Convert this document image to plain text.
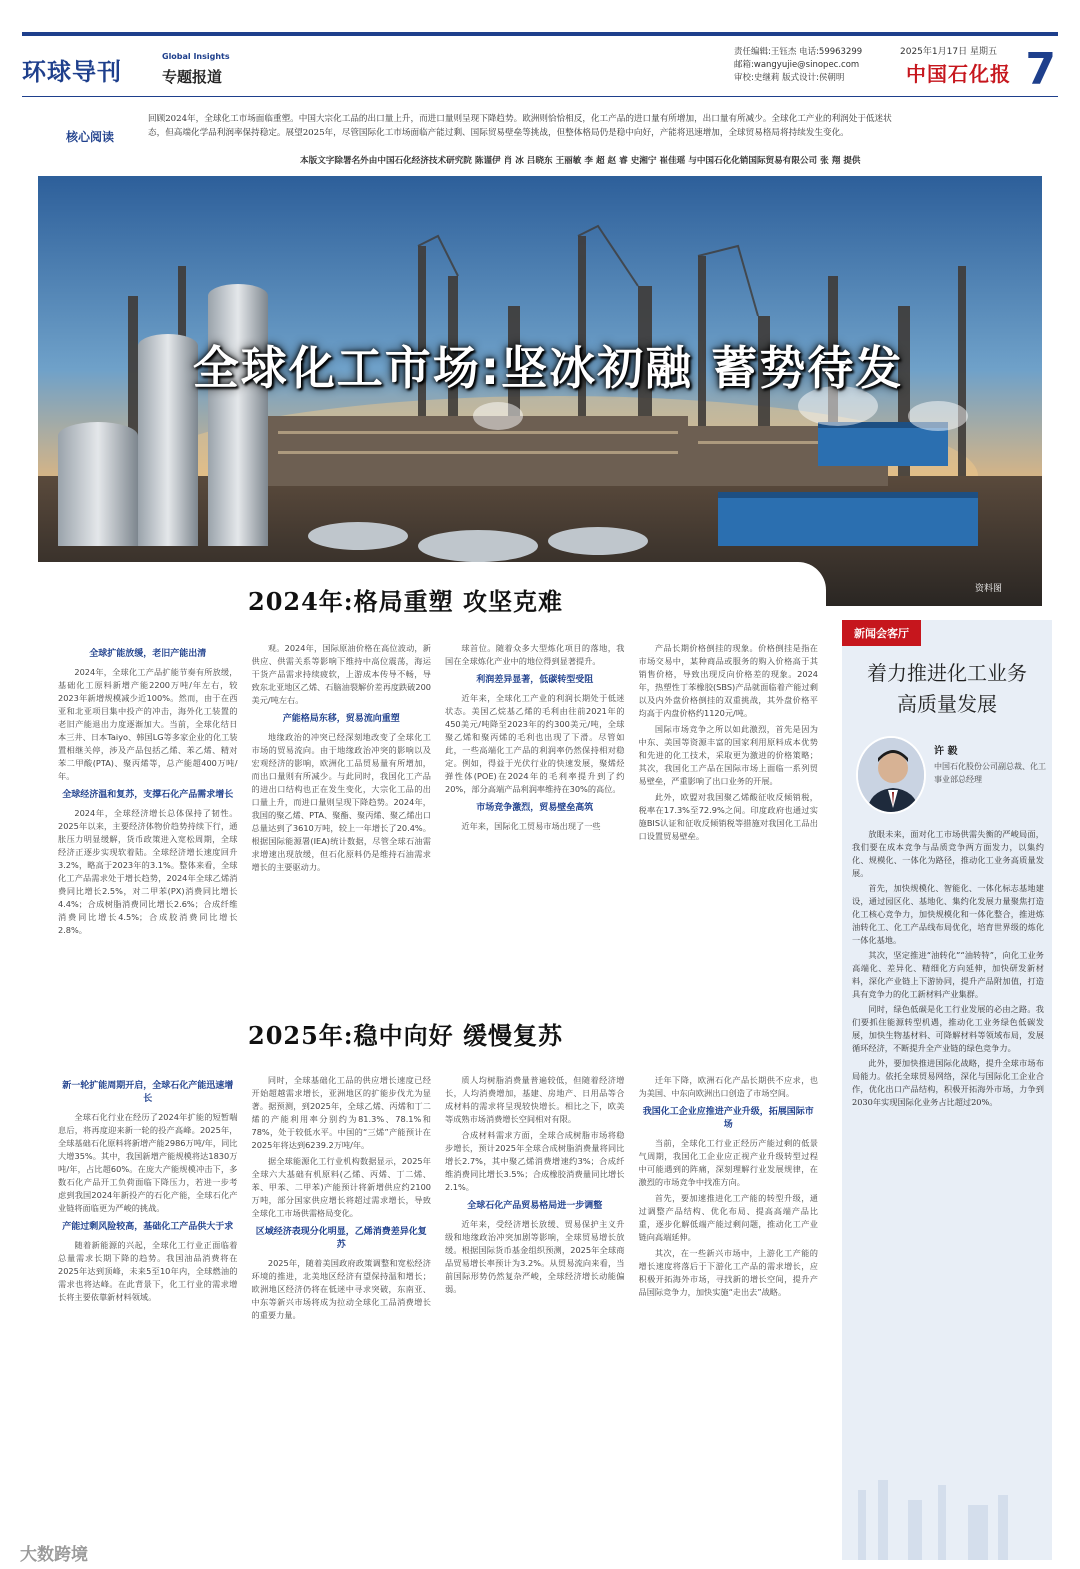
环球导刊
Global Insights
专题报道
责任编辑:王钰杰 电话:59963299
邮箱:wangyujie@sinopec.com
审校:史继莉 版式设计:侯朝明
2025年1月17日 星期五
中国石化报 7
核心阅读
回顾2024年，全球化工市场面临重塑。中国大宗化工品的出口量上升，而进口量则呈现下降趋势。欧洲则恰恰相反，化工产品的进口量有所增加，出口量有所减少。全球化工产业的利润处于低迷状态，但高端化学品利润率保持稳定。展望2025年，尽管国际化工市场面临产能过剩、国际贸易壁垒等挑战，但整体格局仍是稳中向好，产能将迅速增加，全球贸易格局将持续发生变化。
本版文字除署名外由中国石化经济技术研究院 陈谨伊 肖 冰 吕晓东 王丽敏 李 超 赵 睿 史湘宁 崔佳瑶 与中国石化化销国际贸易有限公司 张 翔 提供
全球化工市场:坚冰初融 蓄势待发
资料图
2024年:格局重塑 攻坚克难
全球扩能放缓，老旧产能出清

2024年，全球化工产品扩能节奏有所放缓，基础化工原料新增产能2200万吨/年左右，较2023年新增规模减少近100%。然而，由于在西亚和北亚项目集中投产的冲击，海外化工装置的老旧产能退出力度逐渐加大。当前，全球化结日本三井、日本Taiyo、韩国LG等多家企业的化工装置相继关停，涉及产品包括乙烯、苯乙烯、精对苯二甲酸(PTA)、聚丙烯等，总产能超400万吨/年。

全球经济温和复苏，支撑石化产品需求增长

2024年，全球经济增长总体保持了韧性。2025年以来，主要经济体物价趋势持续下行，通胀压力明显缓解，货币政策进入宽松周期，全球经济正逐步实现软着陆。全球经济增长速度回升3.2%，略高于2023年的3.1%。整体来看，全球化工产品需求处于增长趋势，2024年全球乙烯消费同比增长2.5%，对二甲苯(PX)消费同比增长4.4%；合成树脂消费同比增长2.6%；合成纤维消费同比增长4.5%；合成胶消费同比增长2.8%。

观。2024年，国际原油价格在高位波动，新供应、供需关系等影响下维持中高位震荡，海运干货产品需求持续疲软，上游成本传导不畅，导致东北亚地区乙烯、石脑油裂解价差再度跌破200美元/吨左右。

产能格局东移，贸易流向重塑

地缘政治的冲突已经深刻地改变了全球化工市场的贸易流向。由于地缘政治冲突的影响以及宏观经济的影响，欧洲化工品贸易量有所增加，而出口量则有所减少。与此同时，我国化工产品的进出口结构也正在发生变化，大宗化工品的出口量上升，而进口量则呈现下降趋势。2024年，我国的聚乙烯、PTA、聚酯、聚丙烯、聚乙烯出口总量达到了3610万吨，较上一年增长了20.4%。根据国际能源署(IEA)统计数据，尽管全球石油需求增速出现放缓，但石化原料仍是维持石油需求增长的主要驱动力。

球首位。随着众多大型炼化项目的落地，我国在全球炼化产业中的地位得到显著提升。

利润差异显著，低碳转型受阻

近年来，全球化工产业的利润长期处于低迷状态。美国乙烷基乙烯的毛利由往前2021年的450美元/吨降至2023年的约300美元/吨，全球聚乙烯和聚丙烯的毛利也出现了下滑。尽管如此，一些高端化工产品的利润率仍然保持相对稳定。例如，得益于光伏行业的快速发展，聚烯烃弹性体(POE)在2024年的毛利率提升到了约20%，部分高端产品利润率维持在30%的高位。

市场竞争激烈，贸易壁垒高筑

近年来，国际化工贸易市场出现了一些

产品长期价格倒挂的现象。价格倒挂是指在市场交易中，某种商品或服务的购入价格高于其销售价格，导致出现反向价格差的现象。2024年，热塑性丁苯橡胶(SBS)产品就面临着产能过剩以及内外盘价格倒挂的双重挑战，其外盘价格平均高于内盘价格约1120元/吨。

国际市场竞争之所以如此激烈，首先是因为中东、美国等资源丰富的国家利用原料成本优势和先进的化工技术，采取更为激进的价格策略；其次，我国化工产品在国际市场上面临一系列贸易壁垒，严重影响了出口业务的开展。

此外，欧盟对我国聚乙烯酸征收反倾销税，税率在17.3%至72.9%之间。印度政府也通过实施BIS认证和征收反倾销税等措施对我国化工品出口设置贸易壁垒。

新闻会客厅
着力推进化工业务
高质量发展
许 毅
中国石化股份公司副总裁、化工事业部总经理

放眼未来，面对化工市场供需失衡的严峻局面，我们要在成本竞争与品质竞争两方面发力，以集约化、规模化、一体化为路径，推动化工业务高质量发展。

首先，加快规模化、智能化、一体化标志基地建设，通过园区化、基地化、集约化发展力量聚焦打造化工核心竞争力，加快规模化和一体化整合，推进炼油转化工、化工产品线布局优化，培育世界级的炼化一体化基地。

其次，坚定推进“油转化”“油转特”，向化工业务高端化、差异化、精细化方向延伸，加快研发新材料，深化产业链上下游协同，提升产品附加值，打造具有竞争力的化工新材料产业集群。

同时，绿色低碳是化工行业发展的必由之路。我们要抓住能源转型机遇，推动化工业务绿色低碳发展，加快生物基材料、可降解材料等领域布局，发展循环经济，不断提升全产业链的绿色竞争力。

此外，要加快推进国际化战略，提升全球市场布局能力。依托全球贸易网络，深化与国际化工企业合作，优化出口产品结构，积极开拓海外市场，力争到2030年实现国际化业务占比超过20%。

2025年:稳中向好 缓慢复苏
新一轮扩能周期开启，全球石化产能迅速增长

全球石化行业在经历了2024年扩能的短暂喘息后，将再度迎来新一轮的投产高峰。2025年，全球基础石化原料将新增产能2986万吨/年，同比大增35%。其中，我国新增产能规模将达1830万吨/年，占比超60%。在庞大产能规模冲击下，多数石化产品开工负荷面临下降压力，若进一步考虑到我国2024年新投产的石化产能，全球石化产业链将面临更为严峻的挑战。

产能过剩风险较高，基础化工产品供大于求

随着新能源的兴起，全球化工行业正面临着总量需求长期下降的趋势。我国油品消费将在2025年达到顶峰，未来5至10年内，全球燃油的需求也将达峰。在此背景下，化工行业的需求增长将主要依靠新材料领域。

同时，全球基础化工品的供应增长速度已经开始超越需求增长，亚洲地区的扩能步伐尤为显著。据预测，到2025年，全球乙烯、丙烯和丁二烯的产能利用率分别约为81.3%、78.1%和78%，处于较低水平。中国的“三烯”产能预计在2025年将达到6239.2万吨/年。

据全球能源化工行业机构数据显示，2025年全球六大基础有机原料(乙烯、丙烯、丁二烯、苯、甲苯、二甲苯)产能预计将新增供应约2100万吨，部分国家供应增长将超过需求增长，导致全球化工市场供需格局变化。

区域经济表现分化明显，乙烯消费差异化复苏

2025年，随着美国政府政策调整和宽松经济环境的推进，北美地区经济有望保持温和增长；欧洲地区经济仍将在低迷中寻求突破，东南亚、中东等新兴市场将成为拉动全球化工品消费增长的重要力量。

质人均树脂消费量普遍较低，但随着经济增长，人均消费增加，基建、房地产、日用品等合成材料的需求将呈现较快增长。相比之下，欧美等成熟市场消费增长空间相对有限。

合成材料需求方面，全球合成树脂市场将稳步增长，预计2025年全球合成树脂消费量将同比增长2.7%，其中聚乙烯消费增速约3%；合成纤维消费同比增长3.5%；合成橡胶消费量同比增长2.1%。

全球石化产品贸易格局进一步调整

近年来，受经济增长放缓、贸易保护主义升级和地缘政治冲突加剧等影响，全球贸易增长放缓。根据国际货币基金组织预测，2025年全球商品贸易增长率预计为3.2%。从贸易流向来看，当前国际形势仍然复杂严峻，全球经济增长动能偏弱。

迁年下降，欧洲石化产品长期供不应求，也为美国、中东向欧洲出口创造了市场空间。

我国化工企业应推进产业升级，拓展国际市场

当前，全球化工行业正经历产能过剩的低景气周期，我国化工企业应正视产业升级转型过程中可能遇到的阵痛，深刻理解行业发展规律，在激烈的市场竞争中找准方向。

首先，要加速推进化工产能的转型升级，通过调整产品结构、优化布局、提高高端产品比重，逐步化解低端产能过剩问题，推动化工产业链向高端延伸。

其次，在一些新兴市场中，上游化工产能的增长速度将落后于下游化工产品的需求增长，应积极开拓海外市场，寻找新的增长空间，提升产品国际竞争力，加快实施“走出去”战略。

大数跨境
